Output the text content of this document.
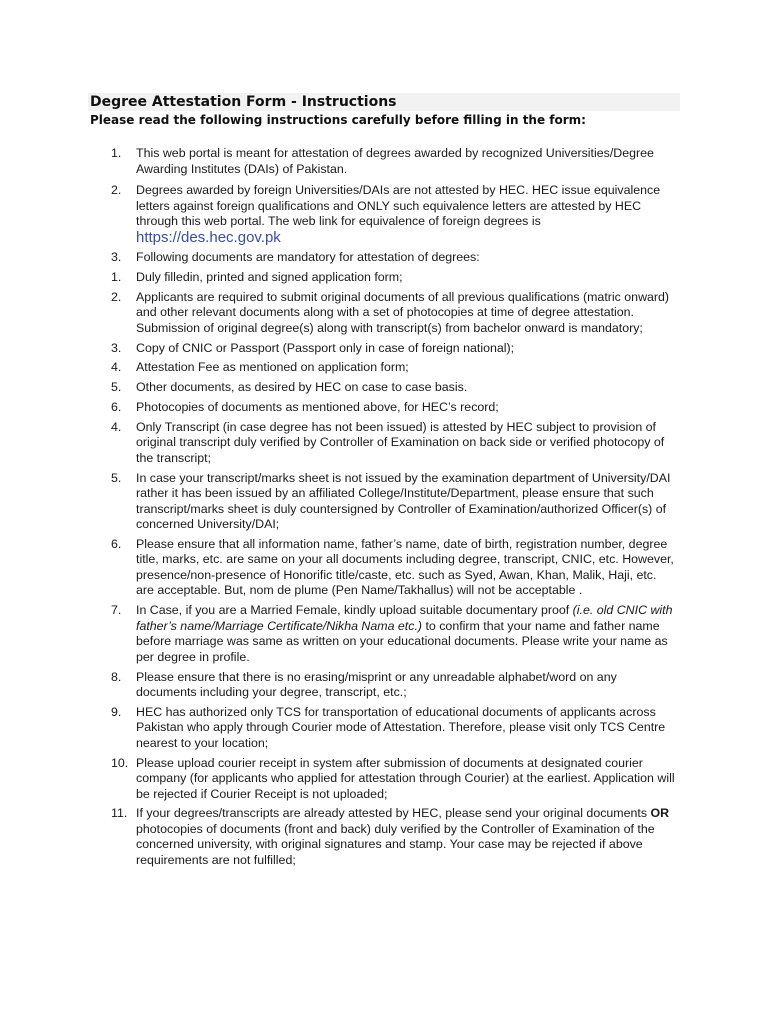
Degree Attestation Form - Instructions
Please read the following instructions carefully before filling in the form:
1. This web portal is meant for attestation of degrees awarded by recognized Universities/Degree Awarding Institutes (DAIs) of Pakistan.
2. Degrees awarded by foreign Universities/DAIs are not attested by HEC. HEC issue equivalence letters against foreign qualifications and ONLY such equivalence letters are attested by HEC through this web portal. The web link for equivalence of foreign degrees is https://des.hec.gov.pk
3. Following documents are mandatory for attestation of degrees:
1. Duly filledin, printed and signed application form;
2. Applicants are required to submit original documents of all previous qualifications (matric onward) and other relevant documents along with a set of photocopies at time of degree attestation. Submission of original degree(s) along with transcript(s) from bachelor onward is mandatory;
3. Copy of CNIC or Passport (Passport only in case of foreign national);
4. Attestation Fee as mentioned on application form;
5. Other documents, as desired by HEC on case to case basis.
6. Photocopies of documents as mentioned above, for HEC’s record;
4. Only Transcript (in case degree has not been issued) is attested by HEC subject to provision of original transcript duly verified by Controller of Examination on back side or verified photocopy of the transcript;
5. In case your transcript/marks sheet is not issued by the examination department of University/DAI rather it has been issued by an affiliated College/Institute/Department, please ensure that such transcript/marks sheet is duly countersigned by Controller of Examination/authorized Officer(s) of concerned University/DAI;
6. Please ensure that all information name, father’s name, date of birth, registration number, degree title, marks, etc. are same on your all documents including degree, transcript, CNIC, etc. However, presence/non-presence of Honorific title/caste, etc. such as Syed, Awan, Khan, Malik, Haji, etc. are acceptable. But, nom de plume (Pen Name/Takhallus) will not be acceptable .
7. In Case, if you are a Married Female, kindly upload suitable documentary proof (i.e. old CNIC with father’s name/Marriage Certificate/Nikha Nama etc.) to confirm that your name and father name before marriage was same as written on your educational documents. Please write your name as per degree in profile.
8. Please ensure that there is no erasing/misprint or any unreadable alphabet/word on any documents including your degree, transcript, etc.;
9. HEC has authorized only TCS for transportation of educational documents of applicants across Pakistan who apply through Courier mode of Attestation. Therefore, please visit only TCS Centre nearest to your location;
10. Please upload courier receipt in system after submission of documents at designated courier company (for applicants who applied for attestation through Courier) at the earliest. Application will be rejected if Courier Receipt is not uploaded;
11. If your degrees/transcripts are already attested by HEC, please send your original documents OR photocopies of documents (front and back) duly verified by the Controller of Examination of the concerned university, with original signatures and stamp. Your case may be rejected if above requirements are not fulfilled;
